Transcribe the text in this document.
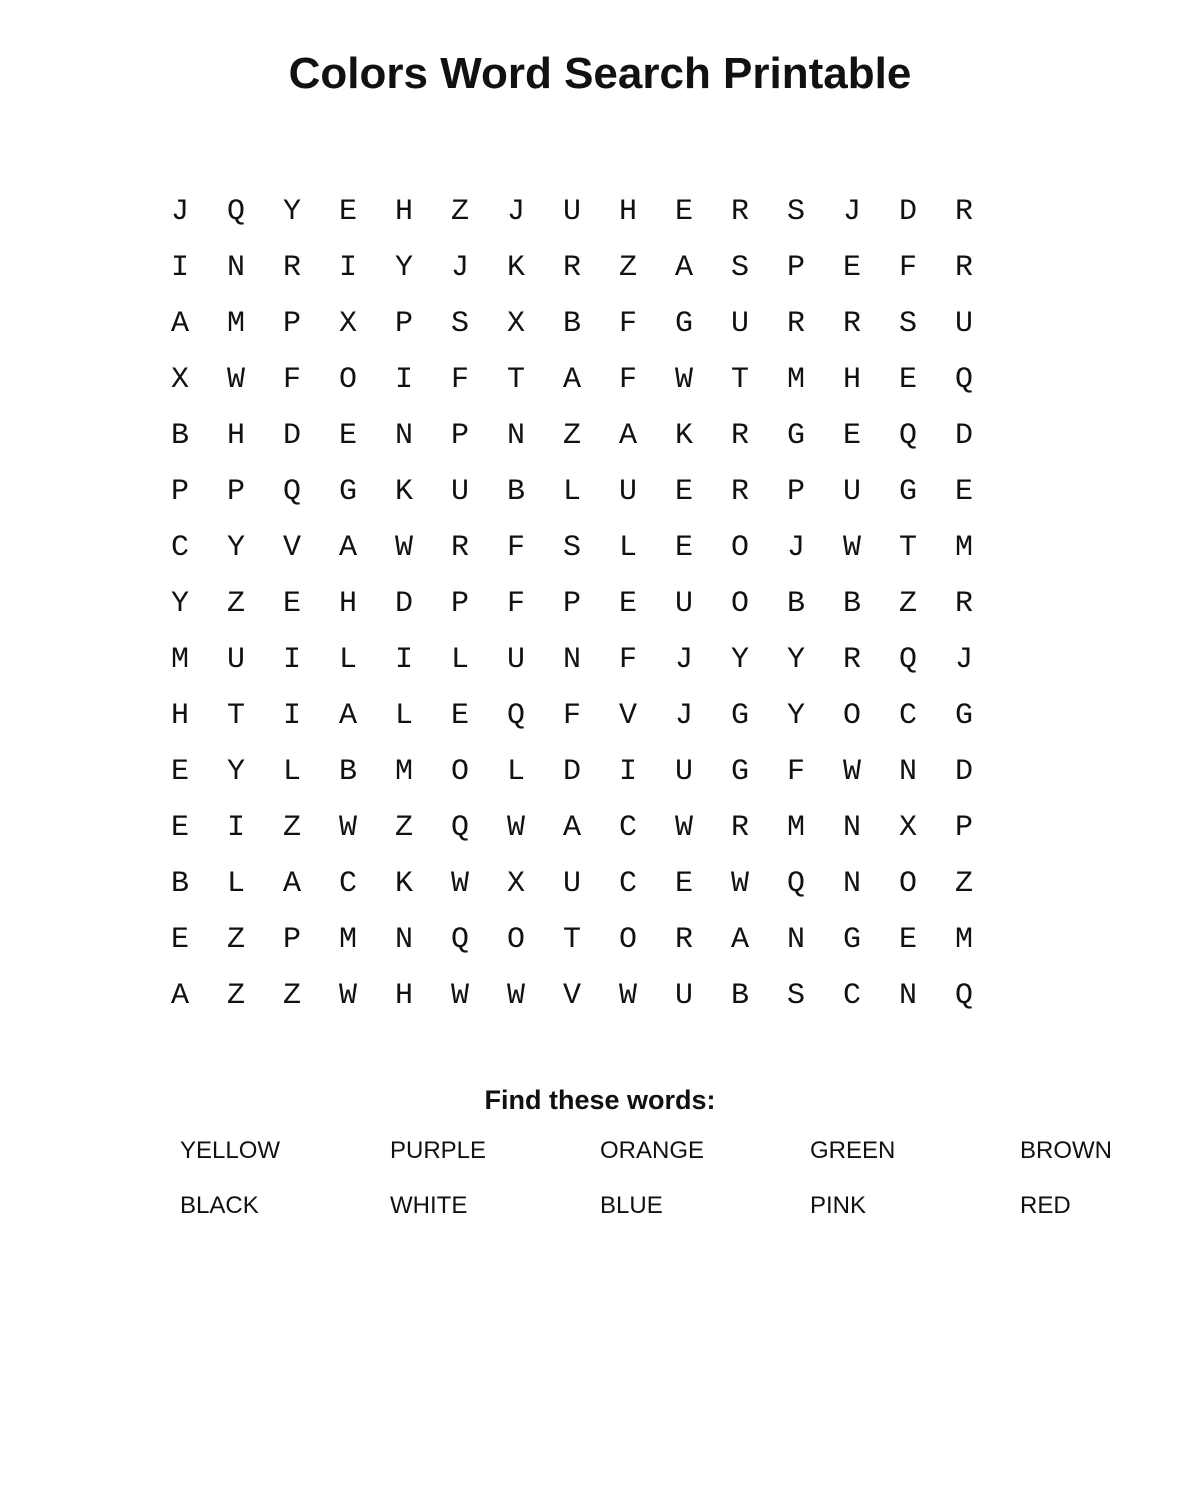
Colors Word Search Printable
J	Q	Y	E	H	Z	J	U	H	E	R	S	J	D	R
I	N	R	I	Y	J	K	R	Z	A	S	P	E	F	R
A	M	P	X	P	S	X	B	F	G	U	R	R	S	U
X	W	F	O	I	F	T	A	F	W	T	M	H	E	Q
B	H	D	E	N	P	N	Z	A	K	R	G	E	Q	D
P	P	Q	G	K	U	B	L	U	E	R	P	U	G	E
C	Y	V	A	W	R	F	S	L	E	O	J	W	T	M
Y	Z	E	H	D	P	F	P	E	U	O	B	B	Z	R
M	U	I	L	I	L	U	N	F	J	Y	Y	R	Q	J
H	T	I	A	L	E	Q	F	V	J	G	Y	O	C	G
E	Y	L	B	M	O	L	D	I	U	G	F	W	N	D
E	I	Z	W	Z	Q	W	A	C	W	R	M	N	X	P
B	L	A	C	K	W	X	U	C	E	W	Q	N	O	Z
E	Z	P	M	N	Q	O	T	O	R	A	N	G	E	M
A	Z	Z	W	H	W	W	V	W	U	B	S	C	N	Q
Find these words:
YELLOW	PURPLE	ORANGE	GREEN	BROWN
BLACK	WHITE	BLUE	PINK	RED
